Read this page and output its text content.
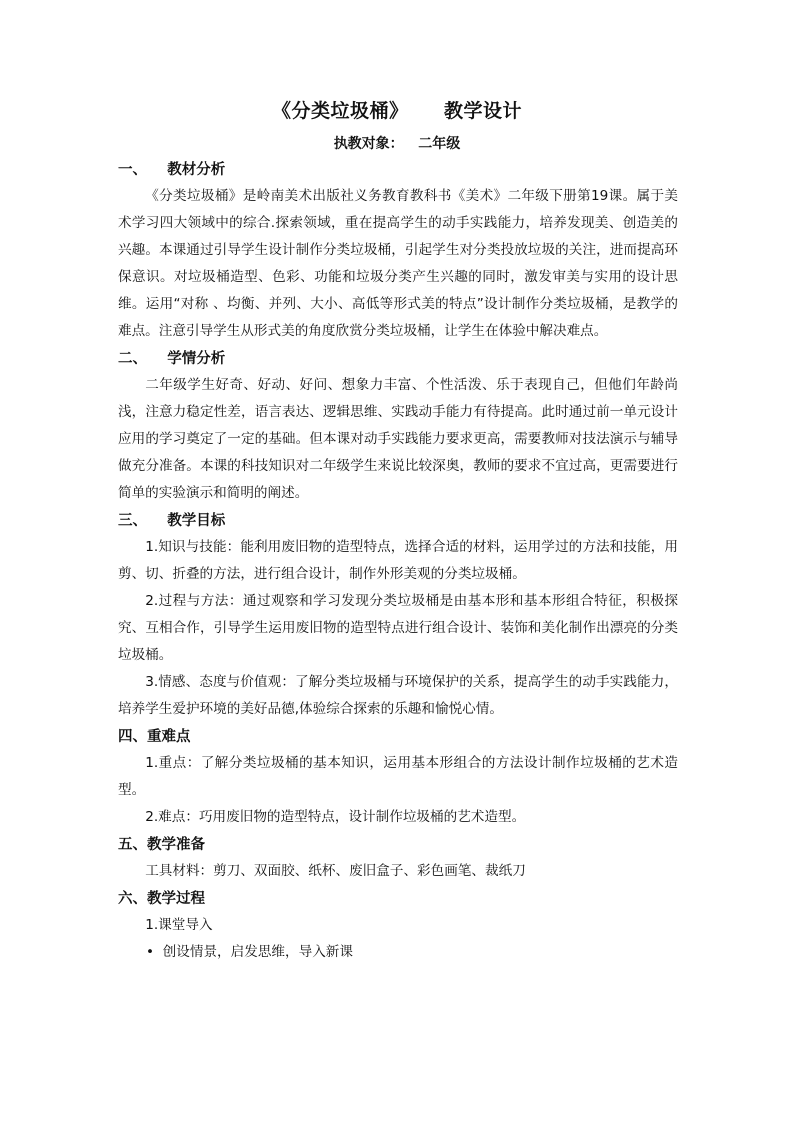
《分类垃圾桶》     教学设计
执教对象：   二年级

一、    教材分析

《分类垃圾桶》是岭南美术出版社义务教育教科书《美术》二年级下册第19课。属于美术学习四大领域中的综合.探索领域，重在提高学生的动手实践能力，培养发现美、创造美的兴趣。本课通过引导学生设计制作分类垃圾桶，引起学生对分类投放垃圾的关注，进而提高环保意识。对垃圾桶造型、色彩、功能和垃圾分类产生兴趣的同时，激发审美与实用的设计思维。运用“对称 、均衡、并列、大小、高低等形式美的特点”设计制作分类垃圾桶，是教学的难点。注意引导学生从形式美的角度欣赏分类垃圾桶，让学生在体验中解决难点。

二、    学情分析

二年级学生好奇、好动、好问、想象力丰富、个性活泼、乐于表现自己，但他们年龄尚浅，注意力稳定性差，语言表达、逻辑思维、实践动手能力有待提高。此时通过前一单元设计应用的学习奠定了一定的基础。但本课对动手实践能力要求更高，需要教师对技法演示与辅导做充分准备。本课的科技知识对二年级学生来说比较深奥，教师的要求不宜过高，更需要进行简单的实验演示和简明的阐述。

三、    教学目标

1.知识与技能：能利用废旧物的造型特点，选择合适的材料，运用学过的方法和技能，用剪、切、折叠的方法，进行组合设计，制作外形美观的分类垃圾桶。

2.过程与方法：通过观察和学习发现分类垃圾桶是由基本形和基本形组合特征，积极探究、互相合作，引导学生运用废旧物的造型特点进行组合设计、装饰和美化制作出漂亮的分类垃圾桶。

3.情感、态度与价值观：了解分类垃圾桶与环境保护的关系，提高学生的动手实践能力，培养学生爱护环境的美好品德,体验综合探索的乐趣和愉悦心情。

四、重难点

1.重点：了解分类垃圾桶的基本知识，运用基本形组合的方法设计制作垃圾桶的艺术造型。

2.难点：巧用废旧物的造型特点，设计制作垃圾桶的艺术造型。

五、教学准备

工具材料：剪刀、双面胶、纸杯、废旧盒子、彩色画笔、裁纸刀

六、教学过程

1.课堂导入

•  创设情景，启发思维，导入新课
